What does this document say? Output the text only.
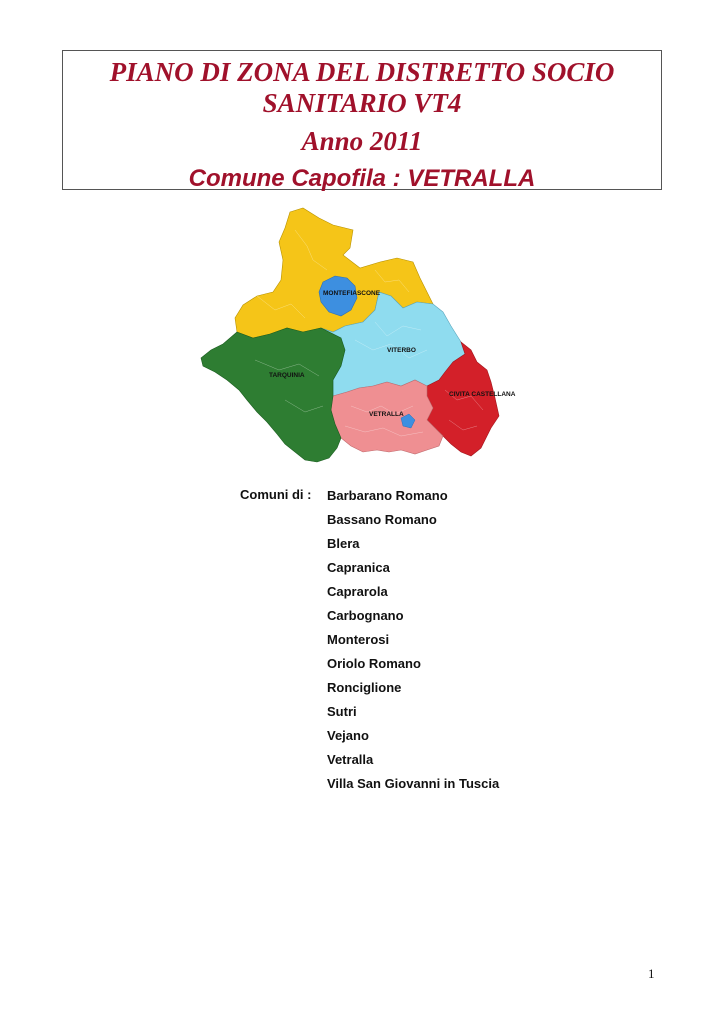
PIANO DI ZONA DEL DISTRETTO SOCIO

SANITARIO VT4

Anno 2011

Comune Capofila : VETRALLA
MONTEFIASCONE
TARQUINIA
VITERBO
CIVITA CASTELLANA
VETRALLA
Comuni di : Barbarano Romano
Bassano Romano
Blera
Capranica
Caprarola
Carbognano
Monterosi
Oriolo Romano
Ronciglione
Sutri
Vejano
Vetralla
Villa San Giovanni in Tuscia
1
